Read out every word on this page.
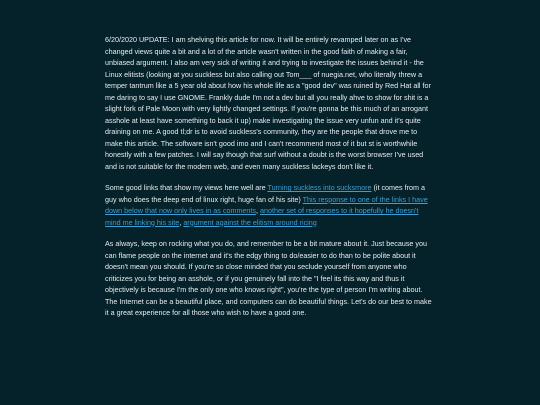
6/20/2020 UPDATE: I am shelving this article for now. It will be entirely revamped later on as I've changed views quite a bit and a lot of the article wasn't written in the good faith of making a fair, unbiased argument. I also am very sick of writing it and trying to investigate the issues behind it - the Linux elitists (looking at you suckless but also calling out Tom___ of nuegia.net, who literally threw a temper tantrum like a 5 year old about how his whole life as a "good dev" was ruined by Red Hat all for me daring to say I use GNOME. Frankly dude I'm not a dev but all you really ahve to show for shit is a slight fork of Pale Moon with very lightly changed settings. If you're gonna be this much of an arrogant asshole at least have something to back it up) make investigating the issue very unfun and it's quite draining on me. A good tl;dr is to avoid suckless's community, they are the people that drove me to make this article. The software isn't good imo and I can't recommend most of it but st is worthwhile honestly with a few patches. I will say though that surf without a doubt is the worst browser I've used and is not suitable for the modern web, and even many suckless lackeys don't like it.

Some good links that show my views here well are Turning suckless into sucksmore (it comes from a guy who does the deep end of linux right, huge fan of his site) This response to one of the links I have down below that now only lives in as comments, another set of responses to it hopefully he doesn't mind me linking his site, argument against the elitism around ricing

As always, keep on rocking what you do, and remember to be a bit mature about it. Just because you can flame people on the internet and it's the edgy thing to do/easier to do than to be polite about it doesn't mean you should. If you're so close minded that you seclude yourself from anyone who criticizes you for being an asshole, or if you genuinely fall into the "I feel its this way and thus it objectively is because I'm the only one who knows right", you're the type of person I'm writing about. The Internet can be a beautiful place, and computers can do beautiful things. Let's do our best to make it a great experience for all those who wish to have a good one.
